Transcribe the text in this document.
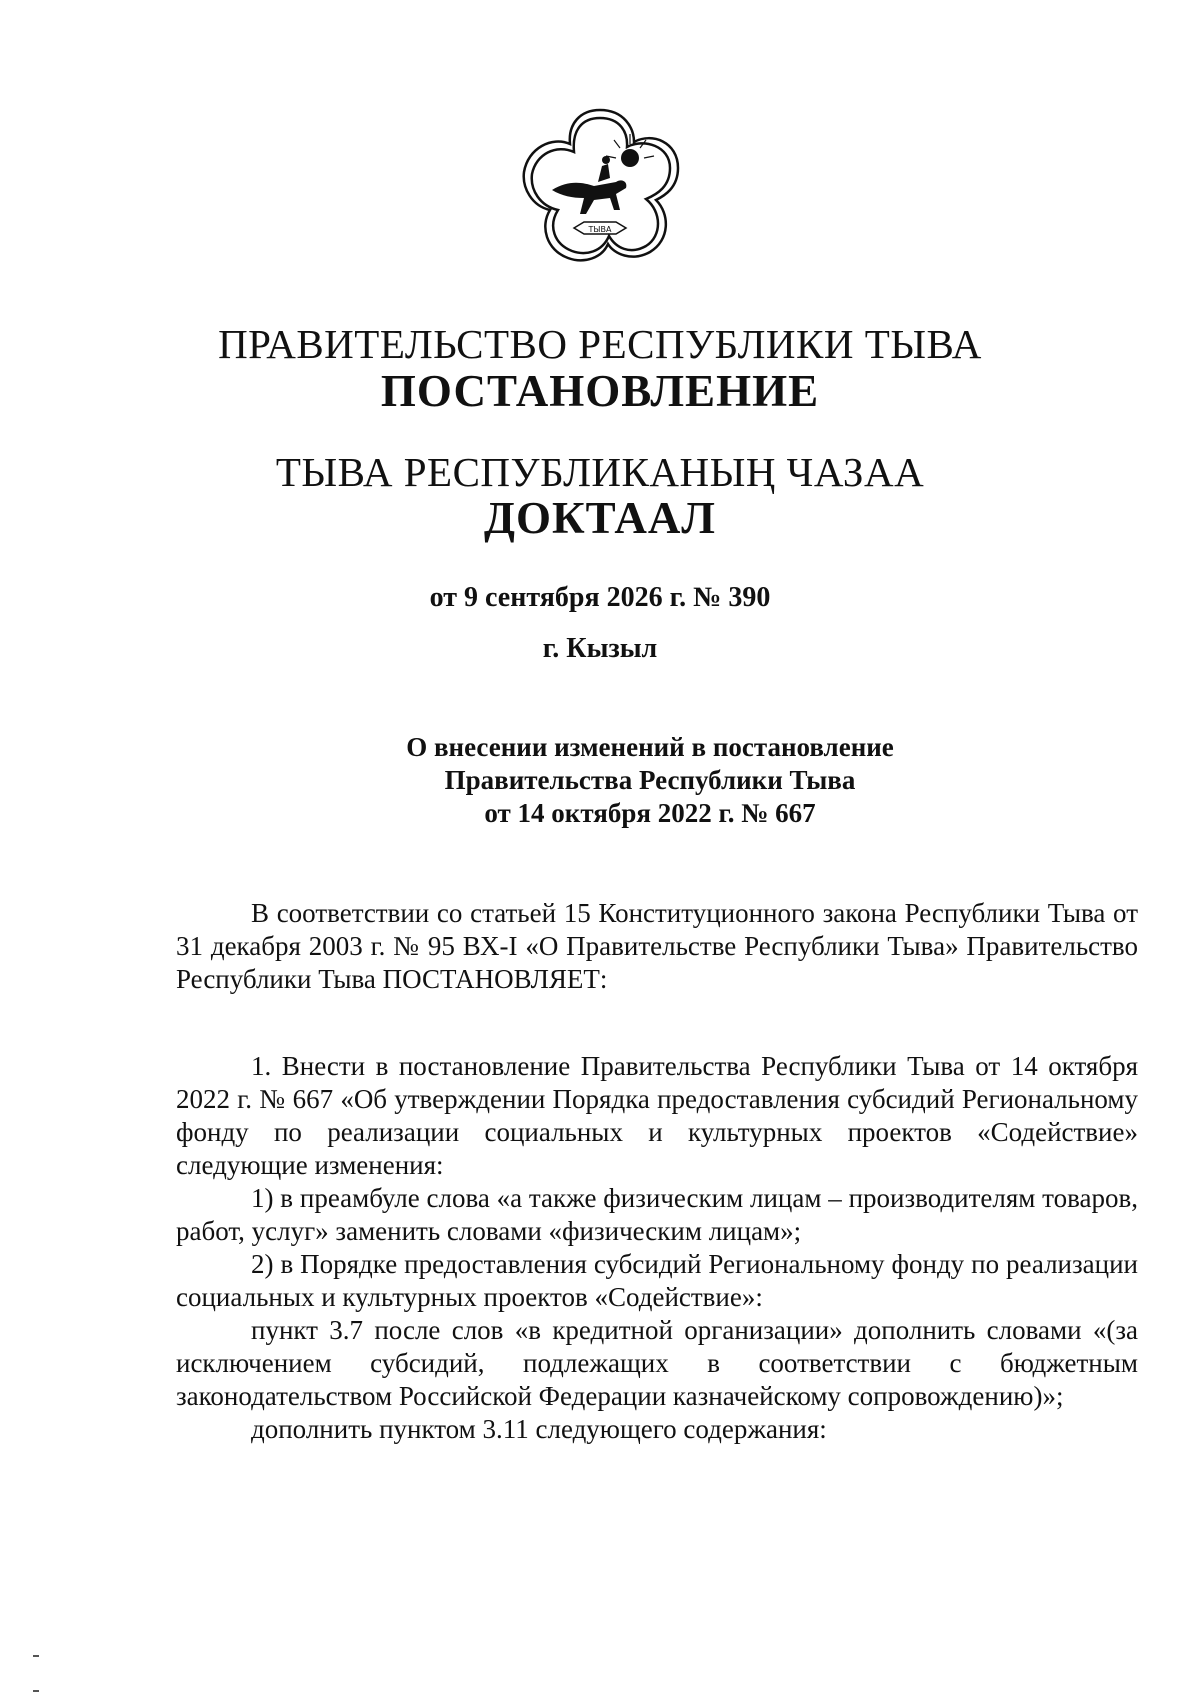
ТЫВА
ПРАВИТЕЛЬСТВО РЕСПУБЛИКИ ТЫВА
ПОСТАНОВЛЕНИЕ
ТЫВА РЕСПУБЛИКАНЫҢ ЧАЗАА
ДОКТААЛ
от 9 сентября 2026 г. № 390
г. Кызыл
О внесении изменений в постановление
Правительства Республики Тыва
от 14 октября 2022 г. № 667

В соответствии со статьей 15 Конституционного закона Республики Тыва от 31 декабря 2003 г. № 95 ВХ-I «О Правительстве Республики Тыва» Правительство Республики Тыва ПОСТАНОВЛЯЕТ:

1. Внести в постановление Правительства Республики Тыва от 14 октября 2022 г. № 667 «Об утверждении Порядка предоставления субсидий Региональному фонду по реализации социальных и культурных проектов «Содействие» следующие изменения:

1) в преамбуле слова «а также физическим лицам – производителям товаров, работ, услуг» заменить словами «физическим лицам»;

2) в Порядке предоставления субсидий Региональному фонду по реализации социальных и культурных проектов «Содействие»:

пункт 3.7 после слов «в кредитной организации» дополнить словами «(за исключением субсидий, подлежащих в соответствии с бюджетным законодательством Российской Федерации казначейскому сопровождению)»;

дополнить пунктом 3.11 следующего содержания:
